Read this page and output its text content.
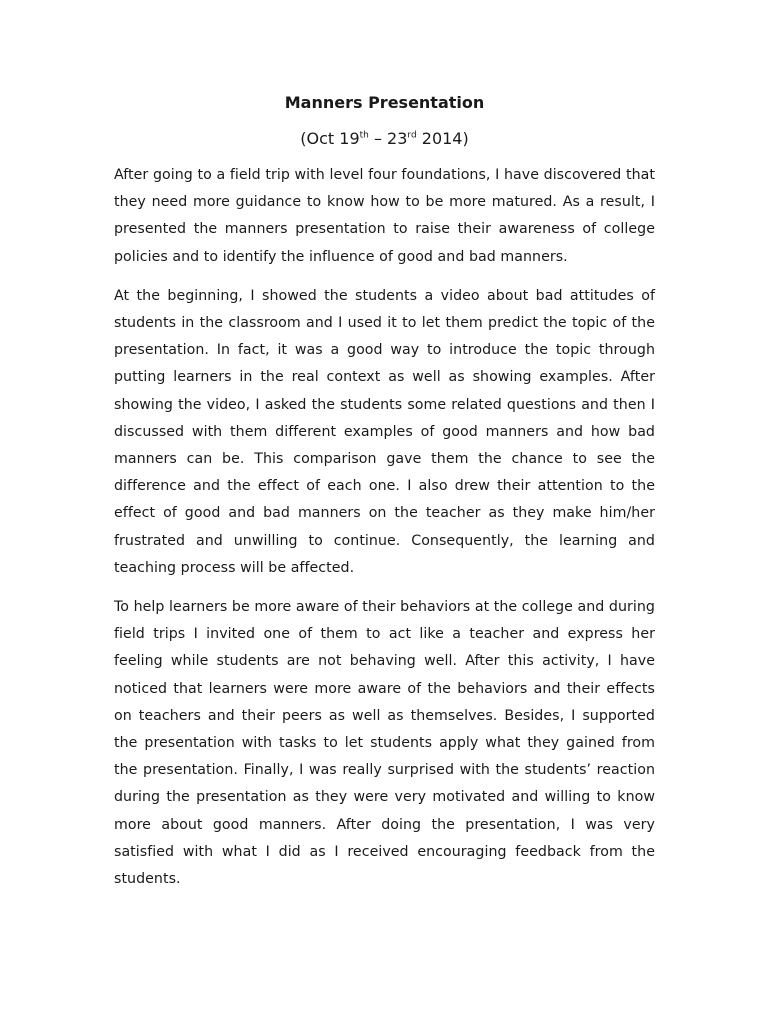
Manners Presentation
(Oct 19th – 23rd 2014)

After going to a field trip with level four foundations, I have discovered that they need more guidance to know how to be more matured. As a result, I presented the manners presentation to raise their awareness of college policies and to identify the influence of good and bad manners.

At the beginning, I showed the students a video about bad attitudes of students in the classroom and I used it to let them predict the topic of the presentation. In fact, it was a good way to introduce the topic through putting learners in the real context as well as showing examples. After showing the video, I asked the students some related questions and then I discussed with them different examples of good manners and how bad manners can be. This comparison gave them the chance to see the difference and the effect of each one. I also drew their attention to the effect of good and bad manners on the teacher as they make him/her frustrated and unwilling to continue. Consequently, the learning and teaching process will be affected.

To help learners be more aware of their behaviors at the college and during field trips I invited one of them to act like a teacher and express her feeling while students are not behaving well. After this activity, I have noticed that learners were more aware of the behaviors and their effects on teachers and their peers as well as themselves. Besides, I supported the presentation with tasks to let students apply what they gained from the presentation. Finally, I was really surprised with the students’ reaction during the presentation as they were very motivated and willing to know more about good manners. After doing the presentation, I was very satisfied with what I did as I received encouraging feedback from the students.
